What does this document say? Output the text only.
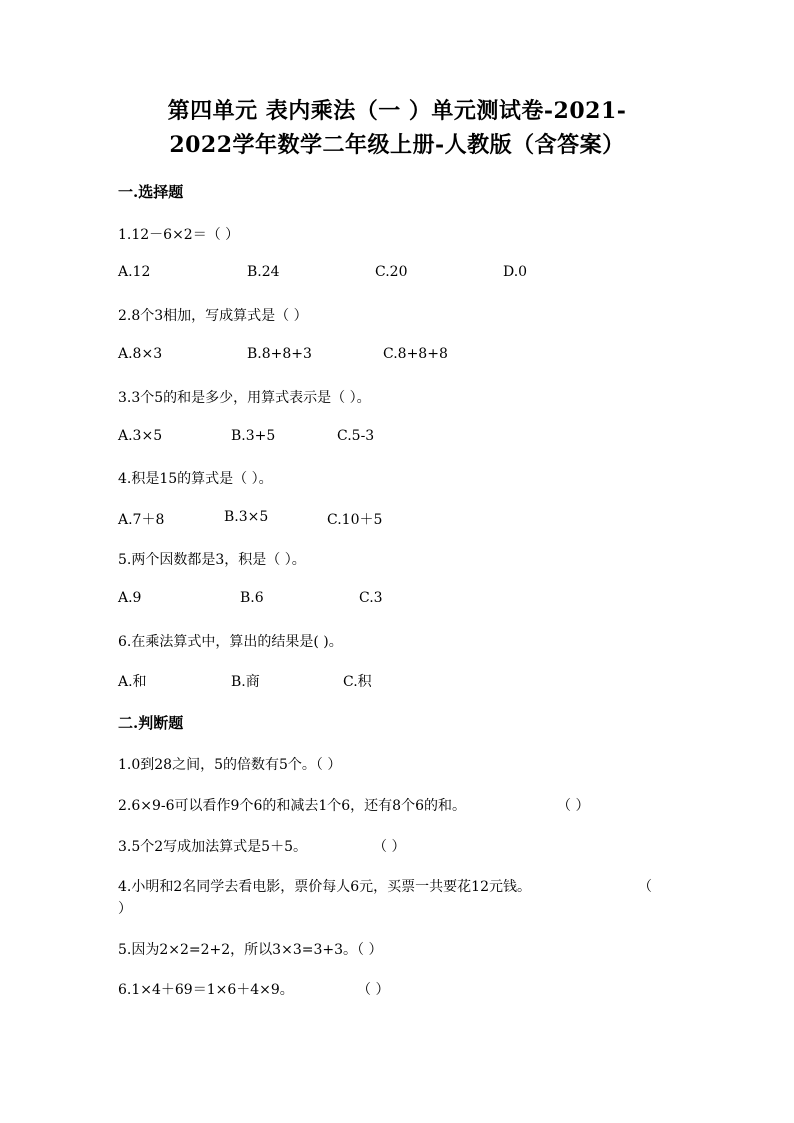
第四单元 表内乘法（一 ）单元测试卷-2021-
2022学年数学二年级上册-人教版（含答案）
一.选择题
1.12－6×2＝（ ）
A.12	B.24	C.20	D.0
2.8个3相加，写成算式是（ ）
A.8×3	B.8+8+3	C.8+8+8
3.3个5的和是多少，用算式表示是（ ）。
A.3×5	B.3+5	C.5-3
4.积是15的算式是（ ）。
A.7＋8	B.3×5	C.10＋5
5.两个因数都是3，积是（ ）。
A.9	B.6	C.3
6.在乘法算式中，算出的结果是( )。
A.和	B.商	C.积
二.判断题
1.0到28之间，5的倍数有5个。（ ）
2.6×9-6可以看作9个6的和减去1个6，还有8个6的和。	（ ）
3.5个2写成加法算式是5＋5。	（ ）
4.小明和2名同学去看电影，票价每人6元，买票一共要花12元钱。	（
）
5.因为2×2=2+2，所以3×3=3+3。（ ）
6.1×4＋69＝1×6＋4×9。	（ ）
